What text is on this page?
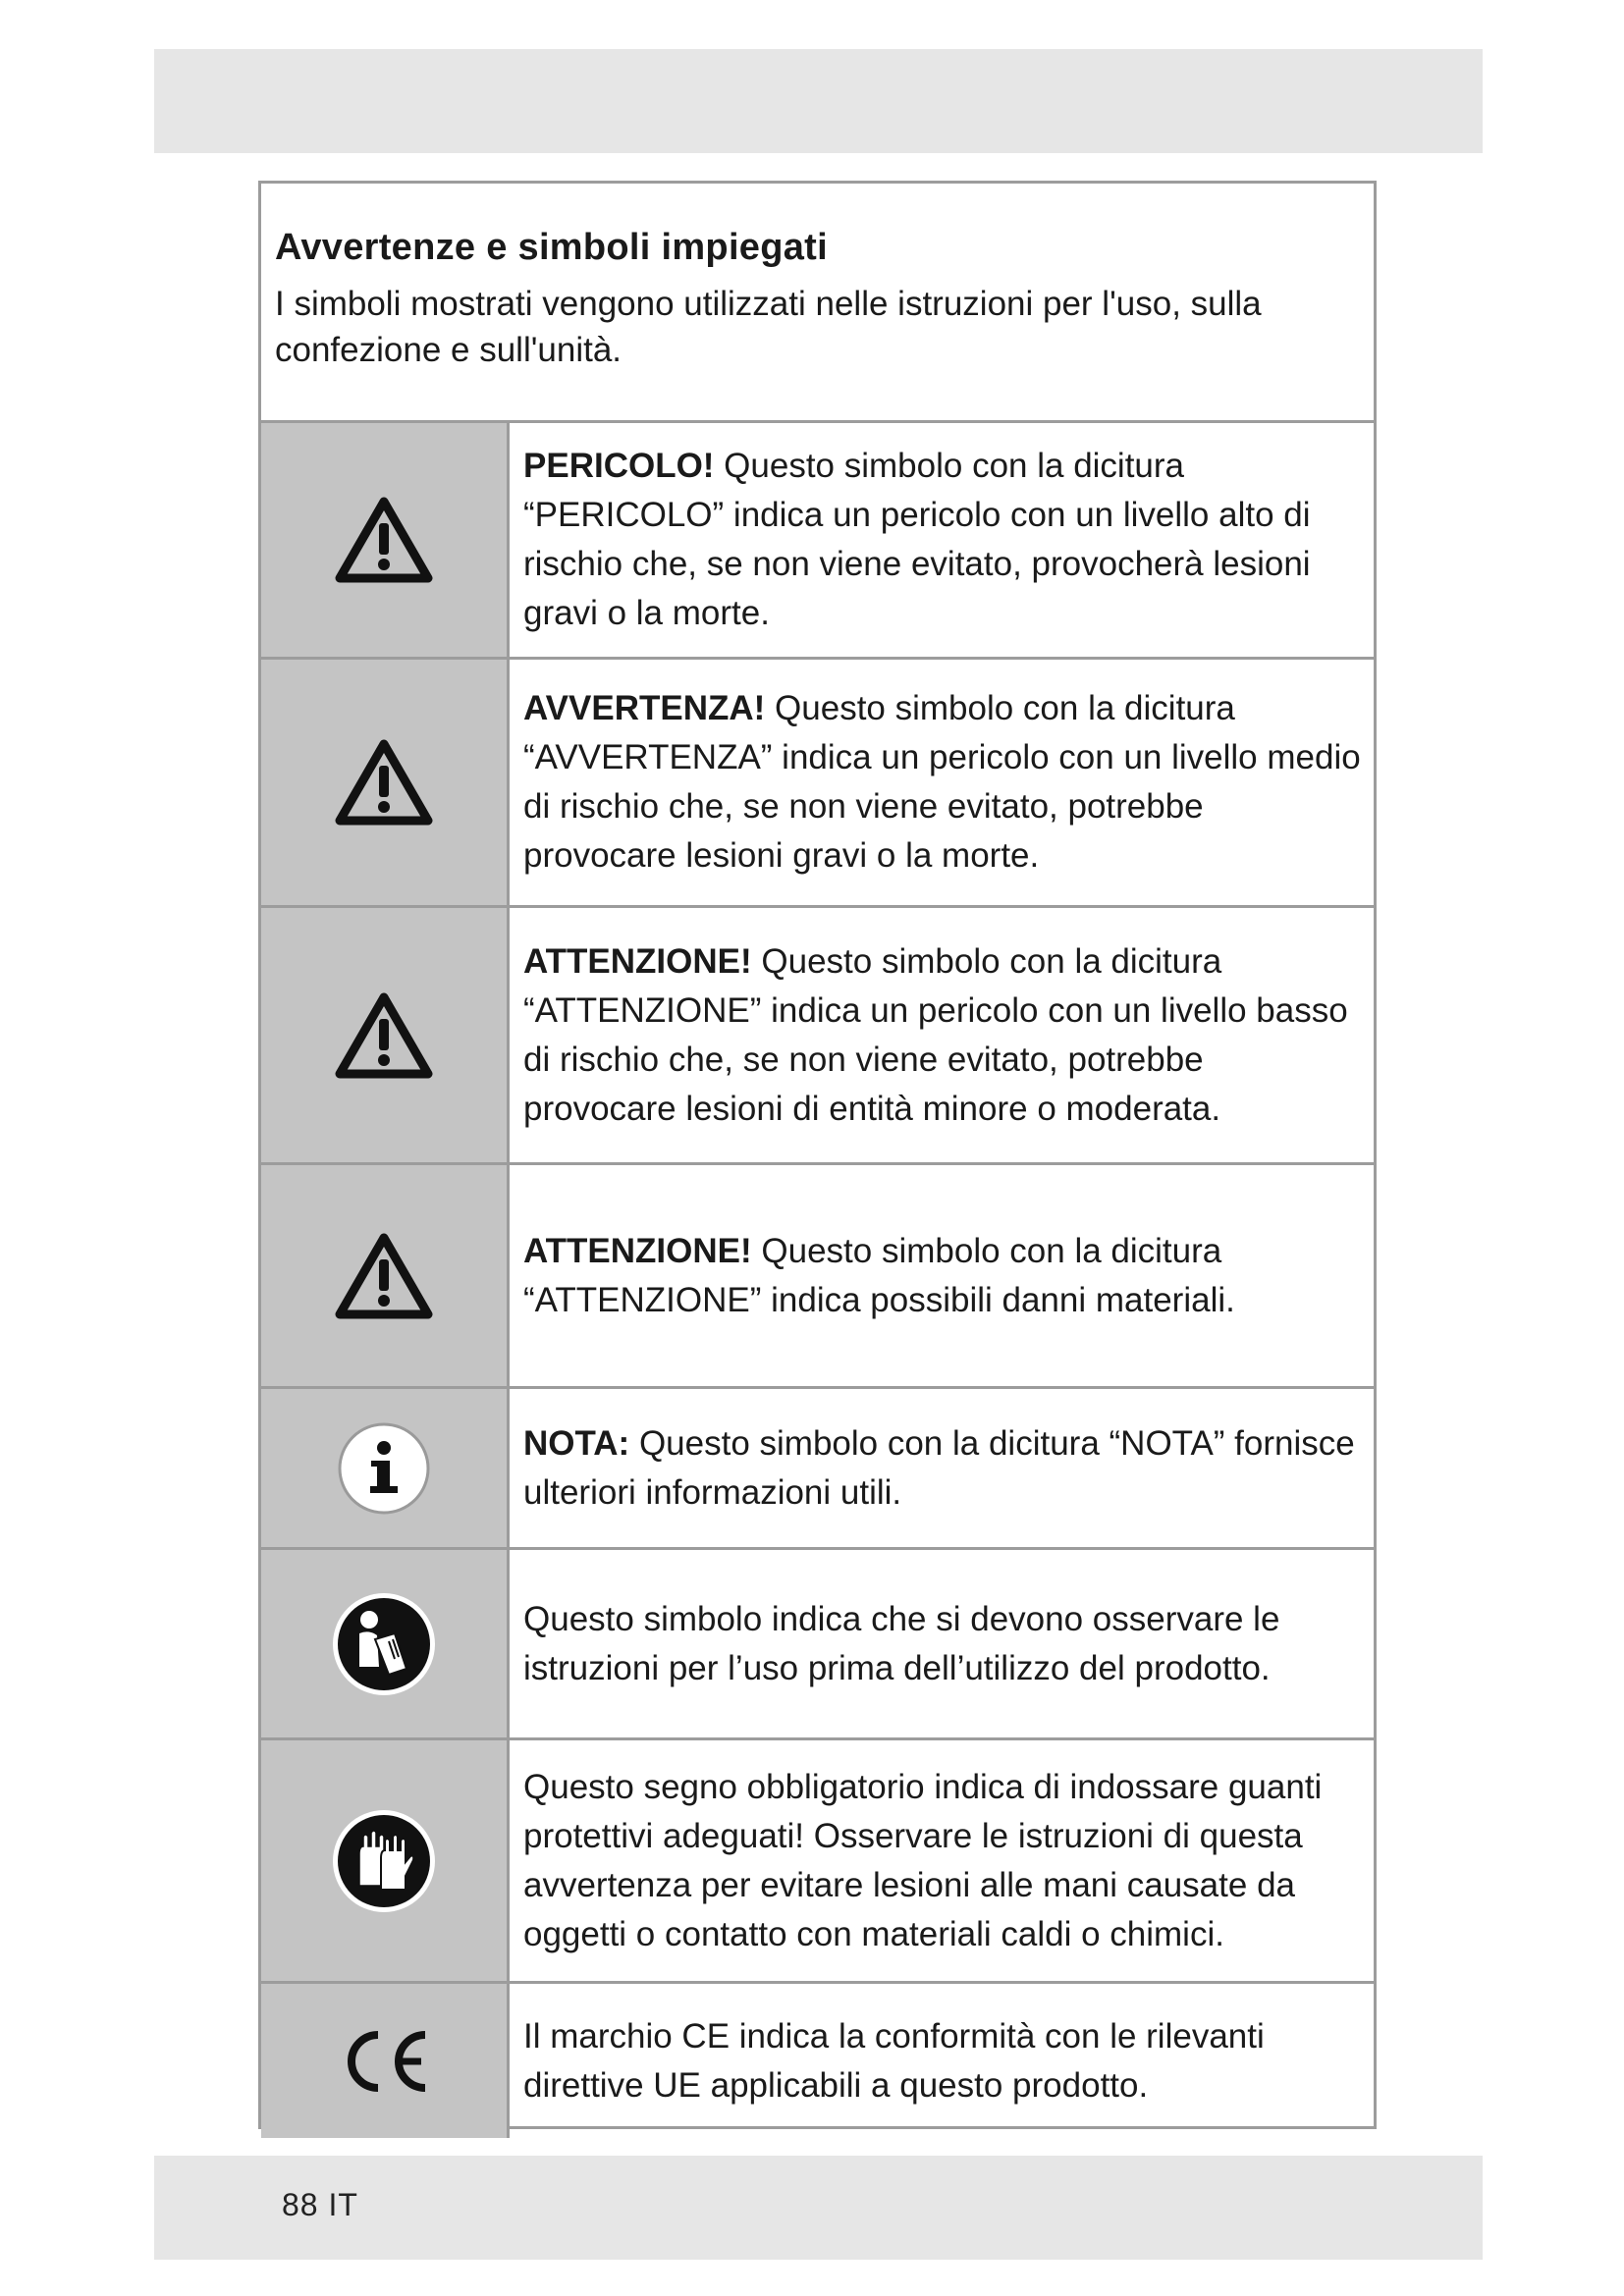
Avvertenze e simboli impiegati

I simboli mostrati vengono utilizzati nelle istruzioni per l'uso, sulla confezione e sull'unità.

PERICOLO! Questo simbolo con la dicitura “PERICOLO” indica un pericolo con un livello alto di rischio che, se non viene evitato, provocherà lesioni gravi o la morte.
AVVERTENZA! Questo simbolo con la dicitura “AVVERTENZA” indica un pericolo con un livello medio di rischio che, se non viene evitato, potrebbe provocare lesioni gravi o la morte.
ATTENZIONE! Questo simbolo con la dicitura “ATTENZIONE” indica un pericolo con un livello basso di rischio che, se non viene evitato, potrebbe provocare lesioni di entità minore o moderata.
ATTENZIONE! Questo simbolo con la dicitura “ATTENZIONE” indica possibili danni materiali.
NOTA: Questo simbolo con la dicitura “NOTA” fornisce ulteriori informazioni utili.
Questo simbolo indica che si devono osservare le istruzioni per l’uso prima dell’utilizzo del prodotto.
Questo segno obbligatorio indica di indossare guanti protettivi adeguati! Osservare le istruzioni di questa avvertenza per evitare lesioni alle mani causate da oggetti o contatto con materiali caldi o chimici.
Il marchio CE indica la conformità con le rilevanti direttive UE applicabili a questo prodotto.
88 IT
